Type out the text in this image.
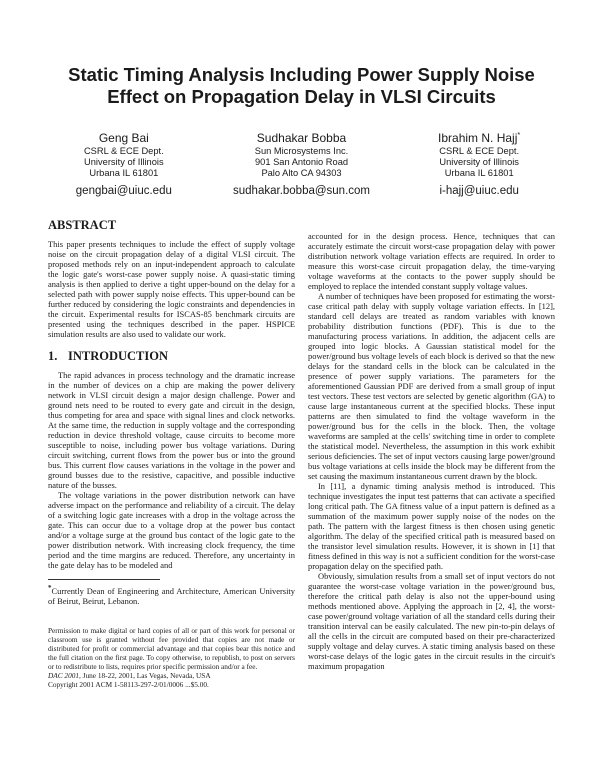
Static Timing Analysis Including Power Supply Noise Effect on Propagation Delay in VLSI Circuits
Geng Bai
CSRL & ECE Dept.
University of Illinois
Urbana IL 61801
gengbai@uiuc.edu
Sudhakar Bobba
Sun Microsystems Inc.
901 San Antonio Road
Palo Alto CA 94303
sudhakar.bobba@sun.com
Ibrahim N. Hajj*
CSRL & ECE Dept.
University of Illinois
Urbana IL 61801
i-hajj@uiuc.edu
ABSTRACT

This paper presents techniques to include the effect of supply voltage noise on the circuit propagation delay of a digital VLSI circuit. The proposed methods rely on an input-independent approach to calculate the logic gate's worst-case power supply noise. A quasi-static timing analysis is then applied to derive a tight upper-bound on the delay for a selected path with power supply noise effects. This upper-bound can be further reduced by considering the logic constraints and dependencies in the circuit. Experimental results for ISCAS-85 benchmark circuits are presented using the techniques described in the paper. HSPICE simulation results are also used to validate our work.

1. INTRODUCTION

The rapid advances in process technology and the dramatic increase in the number of devices on a chip are making the power delivery network in VLSI circuit design a major design challenge. Power and ground nets need to be routed to every gate and circuit in the design, thus competing for area and space with signal lines and clock networks. At the same time, the reduction in supply voltage and the corresponding reduction in device threshold voltage, cause circuits to become more susceptible to noise, including power bus voltage variations. During circuit switching, current flows from the power bus or into the ground bus. This current flow causes variations in the voltage in the power and ground busses due to the resistive, capacitive, and possible inductive nature of the busses.

The voltage variations in the power distribution network can have adverse impact on the performance and reliability of a circuit. The delay of a switching logic gate increases with a drop in the voltage across the gate. This can occur due to a voltage drop at the power bus contact and/or a voltage surge at the ground bus contact of the logic gate to the power distribution network. With increasing clock frequency, the time period and the time margins are reduced. Therefore, any uncertainty in the gate delay has to be modeled and

*Currently Dean of Engineering and Architecture, American University of Beirut, Beirut, Lebanon.

Permission to make digital or hard copies of all or part of this work for personal or classroom use is granted without fee provided that copies are not made or distributed for profit or commercial advantage and that copies bear this notice and the full citation on the first page. To copy otherwise, to republish, to post on servers or to redistribute to lists, requires prior specific permission and/or a fee.

DAC 2001, June 18-22, 2001, Las Vegas, Nevada, USA

Copyright 2001 ACM 1-58113-297-2/01/0006 ...$5.00.

accounted for in the design process. Hence, techniques that can accurately estimate the circuit worst-case propagation delay with power distribution network voltage variation effects are required. In order to measure this worst-case circuit propagation delay, the time-varying voltage waveforms at the contacts to the power supply should be employed to replace the intended constant supply voltage values.

A number of techniques have been proposed for estimating the worst-case critical path delay with supply voltage variation effects. In [12], standard cell delays are treated as random variables with known probability distribution functions (PDF). This is due to the manufacturing process variations. In addition, the adjacent cells are grouped into logic blocks. A Gaussian statistical model for the power/ground bus voltage levels of each block is derived so that the new delays for the standard cells in the block can be calculated in the presence of power supply variations. The parameters for the aforementioned Gaussian PDF are derived from a small group of input test vectors. These test vectors are selected by genetic algorithm (GA) to cause large instantaneous current at the specified blocks. These input patterns are then simulated to find the voltage waveform in the power/ground bus for the cells in the block. Then, the voltage waveforms are sampled at the cells' switching time in order to complete the statistical model. Nevertheless, the assumption in this work exhibit serious deficiencies. The set of input vectors causing large power/ground bus voltage variations at cells inside the block may be different from the set causing the maximum instantaneous current drawn by the block.

In [11], a dynamic timing analysis method is introduced. This technique investigates the input test patterns that can activate a specified long critical path. The GA fitness value of a input pattern is defined as a summation of the maximum power supply noise of the nodes on the path. The pattern with the largest fitness is then chosen using genetic algorithm. The delay of the specified critical path is measured based on the transistor level simulation results. However, it is shown in [1] that fitness defined in this way is not a sufficient condition for the worst-case propagation delay on the specified path.

Obviously, simulation results from a small set of input vectors do not guarantee the worst-case voltage variation in the power/ground bus, therefore the critical path delay is also not the upper-bound using methods mentioned above. Applying the approach in [2, 4], the worst-case power/ground voltage variation of all the standard cells during their transition interval can be easily calculated. The new pin-to-pin delays of all the cells in the circuit are computed based on their pre-characterized supply voltage and delay curves. A static timing analysis based on these worst-case delays of the logic gates in the circuit results in the circuit's maximum propagation
